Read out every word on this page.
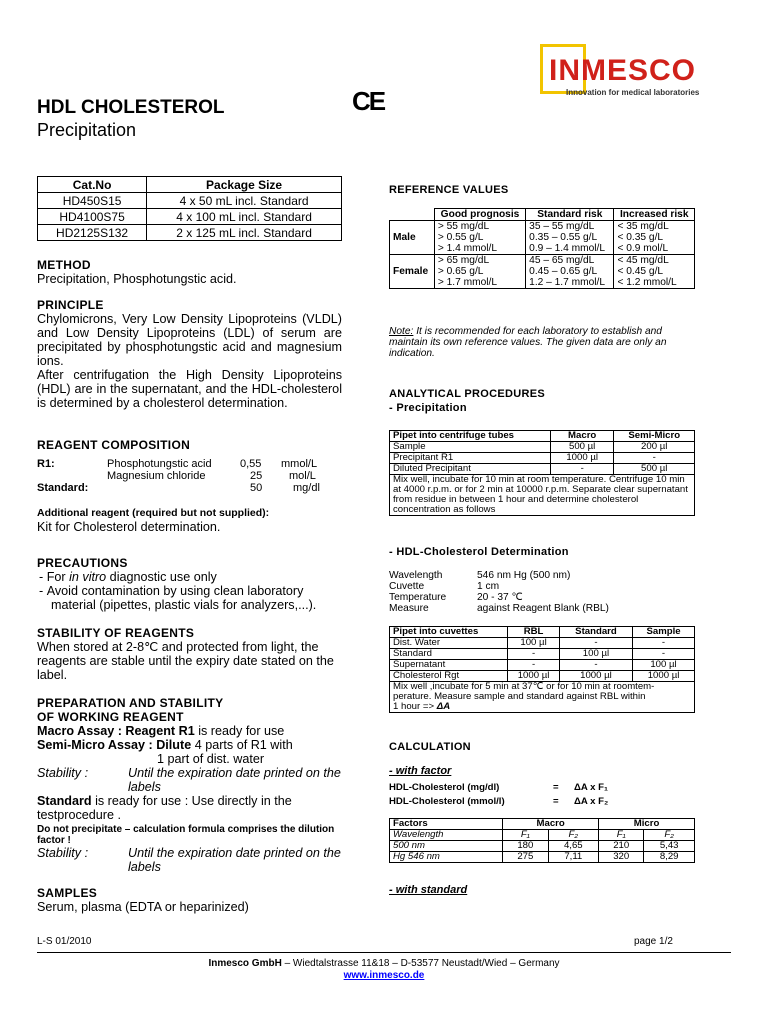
HDL CHOLESTEROL
Precipitation
CE
INMESCO
Innovation for medical laboratories
Cat.No	Package Size
HD450S15	4 x 50 mL incl. Standard
HD4100S75	4 x 100 mL incl. Standard
HD2125S132	2 x 125 mL incl. Standard
METHOD
Precipitation, Phosphotungstic acid.
PRINCIPLE
Chylomicrons, Very Low Density Lipoproteins (VLDL) and Low Density Lipoproteins (LDL) of serum are precipitated by phosphotungstic acid and magnesium ions.
After centrifugation the High Density Lipoproteins (HDL) are in the supernatant, and the HDL-cholesterol is determined by a cholesterol determination.
REAGENT COMPOSITION
R1:	Phosphotungstic acid	0,55 mmol/L
Magnesium chloride	25 mol/L
Standard:	50	mg/dl
Additional reagent (required but not supplied):
Kit for Cholesterol determination.
PRECAUTIONS
- For in vitro diagnostic use only
- Avoid contamination by using clean laboratory material (pipettes, plastic vials for analyzers,...).
STABILITY OF REAGENTS
When stored at 2-8℃ and protected from light, the reagents are stable until the expiry date stated on the label.
PREPARATION AND STABILITY
OF WORKING REAGENT
Macro Assay : Reagent R1 is ready for use
Semi-Micro Assay : Dilute 4 parts of R1 with
1 part of dist. water
Stability :	Until the expiration date printed on the labels
Standard is ready for use : Use directly in the testprocedure .
Do not precipitate – calculation formula comprises the dilution factor !
Stability :	Until the expiration date printed on the labels
SAMPLES
Serum, plasma (EDTA or heparinized)
REFERENCE VALUES
	Good prognosis	Standard risk	Increased risk
Male	> 55 mg/dL	35 – 55 mg/dL	< 35 mg/dL
	> 0.55 g/L	0.35 – 0.55 g/L	< 0.35 g/L
	> 1.4 mmol/L	0.9 – 1.4 mmol/L	< 0.9 mol/L
Female	> 65 mg/dL	45 – 65 mg/dL	< 45 mg/dL
	> 0.65 g/L	0.45 – 0.65 g/L	< 0.45 g/L
	> 1.7 mmol/L	1.2 – 1.7 mmol/L	< 1.2 mmol/L
Note: It is recommended for each laboratory to establish and maintain its own reference values. The given data are only an indication.
ANALYTICAL PROCEDURES
- Precipitation
Pipet into centrifuge tubes	Macro	Semi-Micro
Sample	500 µl	200 µl
Precipitant R1	1000 µl	-
Diluted Precipitant	-	500 µl
Mix well, incubate for 10 min at room temperature. Centrifuge 10 min at 4000 r.p.m. or for 2 min at 10000 r.p.m. Separate clear supernatant from residue in between 1 hour and determine cholesterol concentration as follows		
- HDL-Cholesterol Determination
Wavelength	546 nm Hg (500 nm)
Cuvette	1 cm
Temperature	20 - 37 ℃
Measure	against Reagent Blank (RBL)
Pipet into cuvettes	RBL	Standard	Sample
Dist. Water	100 µl	-	-
Standard	-	100 µl	-
Supernatant	-	-	100 µl
Cholesterol Rgt	1000 µl	1000 µl	1000 µl
Mix well ,incubate for 5 min at 37℃ or for 10 min at roomtem-perature. Measure sample and standard against RBL within
1 hour => ΔA			
CALCULATION
- with factor
HDL-Cholesterol (mg/dl)	= ΔA x F₁
HDL-Cholesterol (mmol/l)	= ΔA x F₂
Factors	Macro		Micro	
Wavelength	F₁	F₂	F₁	F₂
500 nm	180	4,65	210	5,43
Hg 546 nm	275	7,11	320	8,29
- with standard
L-S 01/2010	page 1/2
Inmesco GmbH – Wiedtalstrasse 11&18 – D-53577 Neustadt/Wied – Germany
www.inmesco.de
